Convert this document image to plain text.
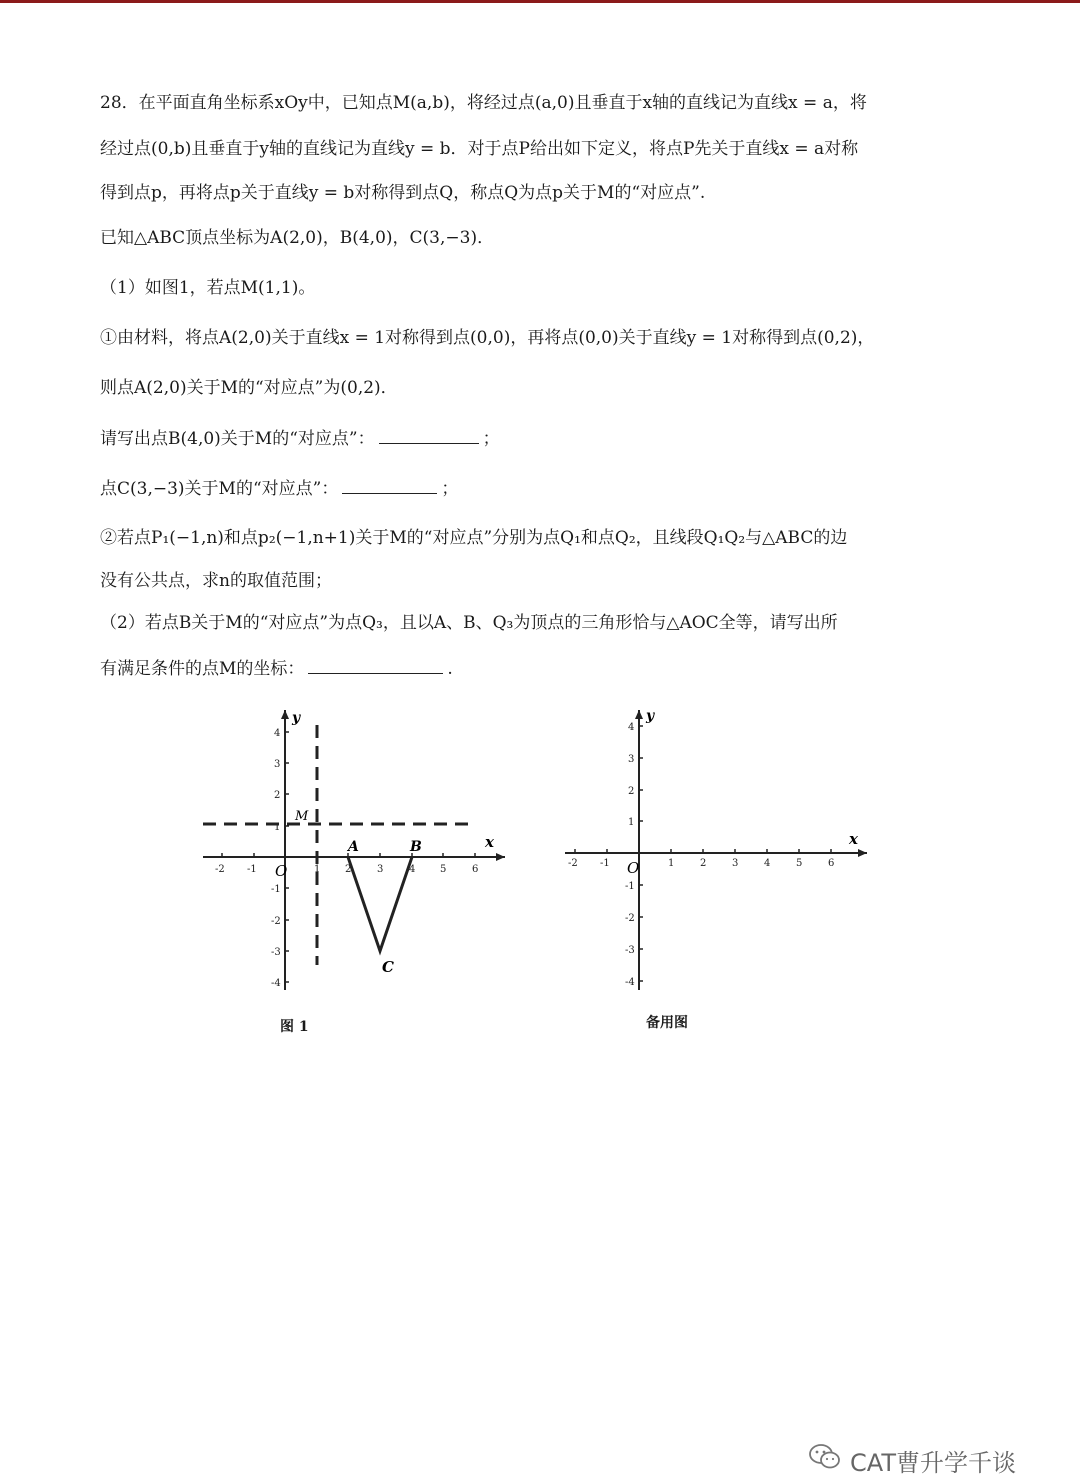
28．在平面直角坐标系xOy中，已知点M(a,b)，将经过点(a,0)且垂直于x轴的直线记为直线x = a，将
经过点(0,b)且垂直于y轴的直线记为直线y = b．对于点P给出如下定义，将点P先关于直线x = a对称
得到点p，再将点p关于直线y = b对称得到点Q，称点Q为点p关于M的“对应点”.
已知△ABC顶点坐标为A(2,0)，B(4,0)，C(3,−3)．
（1）如图1，若点M(1,1)。
①由材料，将点A(2,0)关于直线x = 1对称得到点(0,0)，再将点(0,0)关于直线y = 1对称得到点(0,2)，
则点A(2,0)关于M的“对应点”为(0,2)．
请写出点B(4,0)关于M的“对应点”：	；
点C(3,−3)关于M的“对应点”：	；
②若点P₁(−1,n)和点p₂(−1,n+1)关于M的“对应点”分别为点Q₁和点Q₂，且线段Q₁Q₂与△ABC的边
没有公共点，求n的取值范围；
（2）若点B关于M的“对应点”为点Q₃，且以A、B、Q₃为顶点的三角形恰与△AOC全等，请写出所
有满足条件的点M的坐标：	.
-2 -1	1 2	3	4 5	6
4
3
2
1
-1
-2
-3
-4
O
x
y
M
A	B
C
图 1
-2 -1	1	2	3	4	5	6
4
3
2
1
-1
-2
-3
-4
O
x
y
备用图
CAT曹升学千谈
